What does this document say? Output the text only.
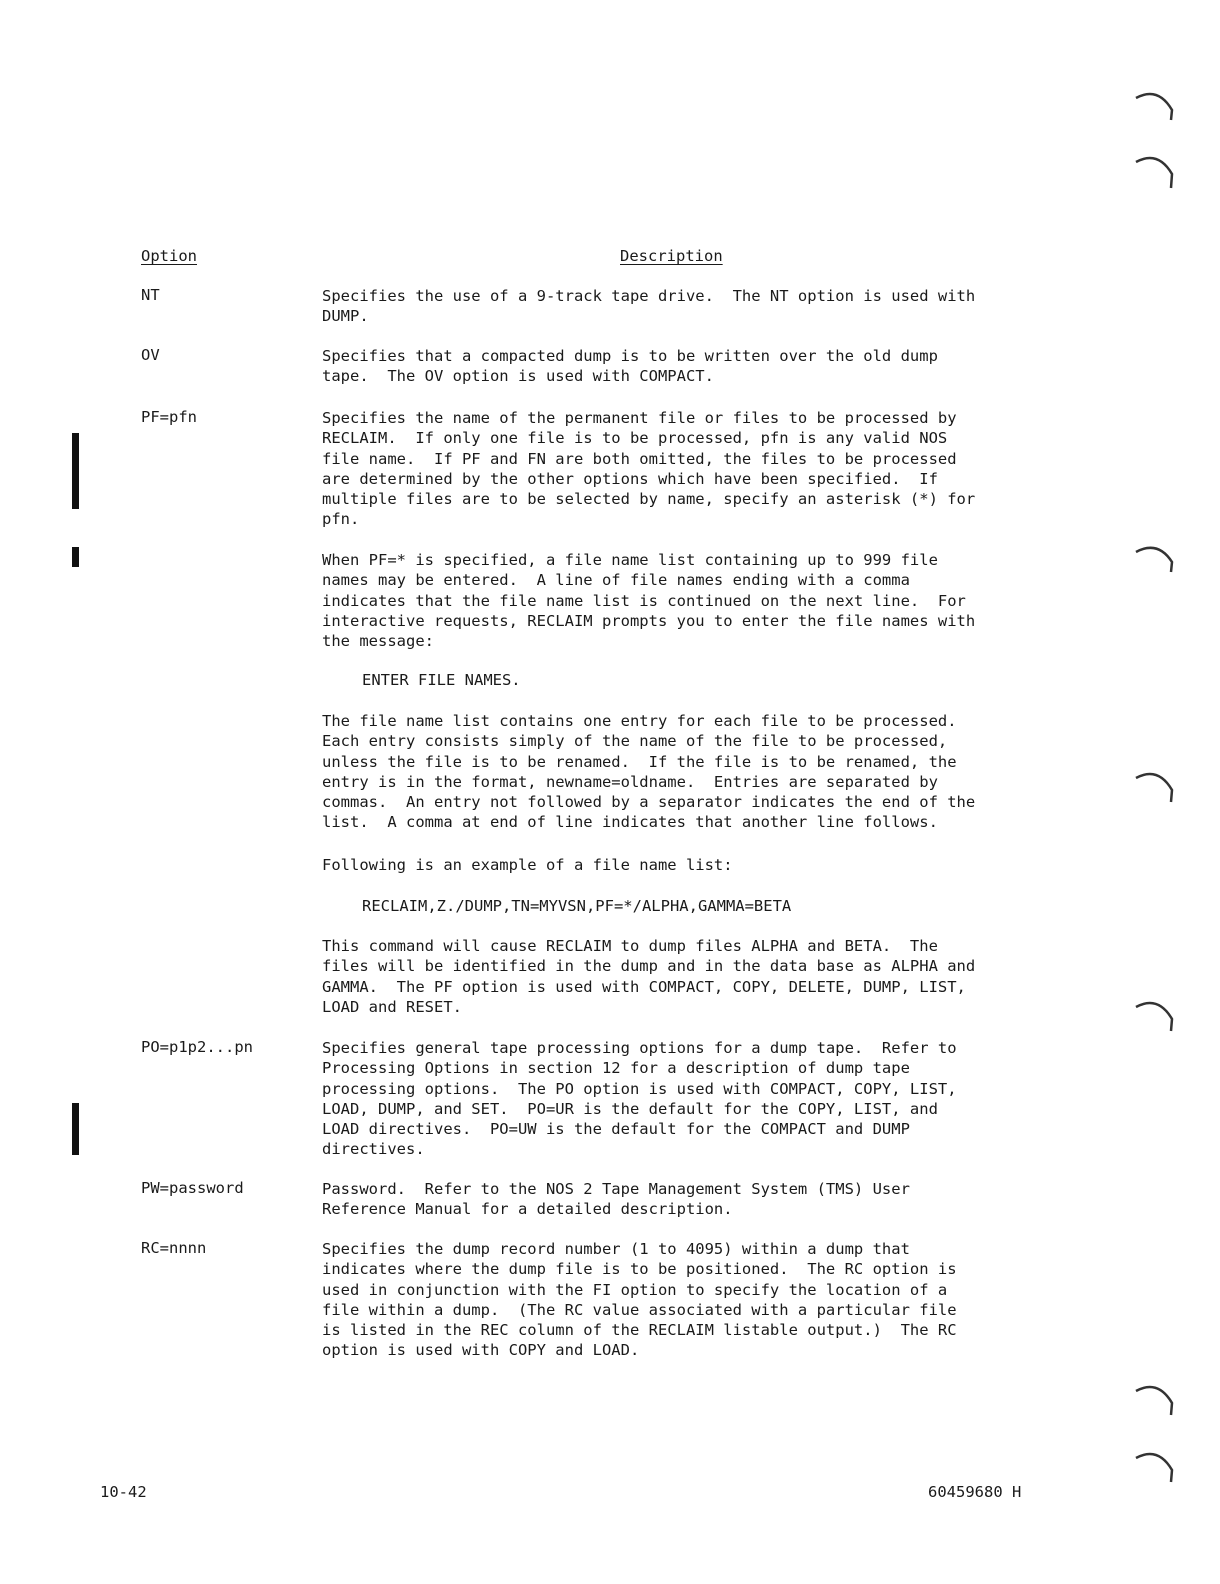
Option	Description
NT	Specifies the use of a 9-track tape drive.  The NT option is used with
DUMP.
OV	Specifies that a compacted dump is to be written over the old dump
tape.  The OV option is used with COMPACT.
PF=pfn	Specifies the name of the permanent file or files to be processed by
RECLAIM.  If only one file is to be processed, pfn is any valid NOS
file name.  If PF and FN are both omitted, the files to be processed
are determined by the other options which have been specified.  If
multiple files are to be selected by name, specify an asterisk (*) for
pfn.
When PF=* is specified, a file name list containing up to 999 file
names may be entered.  A line of file names ending with a comma
indicates that the file name list is continued on the next line.  For
interactive requests, RECLAIM prompts you to enter the file names with
the message:
ENTER FILE NAMES.
The file name list contains one entry for each file to be processed.
Each entry consists simply of the name of the file to be processed,
unless the file is to be renamed.  If the file is to be renamed, the
entry is in the format, newname=oldname.  Entries are separated by
commas.  An entry not followed by a separator indicates the end of the
list.  A comma at end of line indicates that another line follows.
Following is an example of a file name list:
RECLAIM,Z./DUMP,TN=MYVSN,PF=*/ALPHA,GAMMA=BETA
This command will cause RECLAIM to dump files ALPHA and BETA.  The
files will be identified in the dump and in the data base as ALPHA and
GAMMA.  The PF option is used with COMPACT, COPY, DELETE, DUMP, LIST,
LOAD and RESET.
PO=p1p2...pn	Specifies general tape processing options for a dump tape.  Refer to
Processing Options in section 12 for a description of dump tape
processing options.  The PO option is used with COMPACT, COPY, LIST,
LOAD, DUMP, and SET.  PO=UR is the default for the COPY, LIST, and
LOAD directives.  PO=UW is the default for the COMPACT and DUMP
directives.
PW=password	Password.  Refer to the NOS 2 Tape Management System (TMS) User
Reference Manual for a detailed description.
RC=nnnn	Specifies the dump record number (1 to 4095) within a dump that
indicates where the dump file is to be positioned.  The RC option is
used in conjunction with the FI option to specify the location of a
file within a dump.  (The RC value associated with a particular file
is listed in the REC column of the RECLAIM listable output.)  The RC
option is used with COPY and LOAD.
10-42	60459680 H
